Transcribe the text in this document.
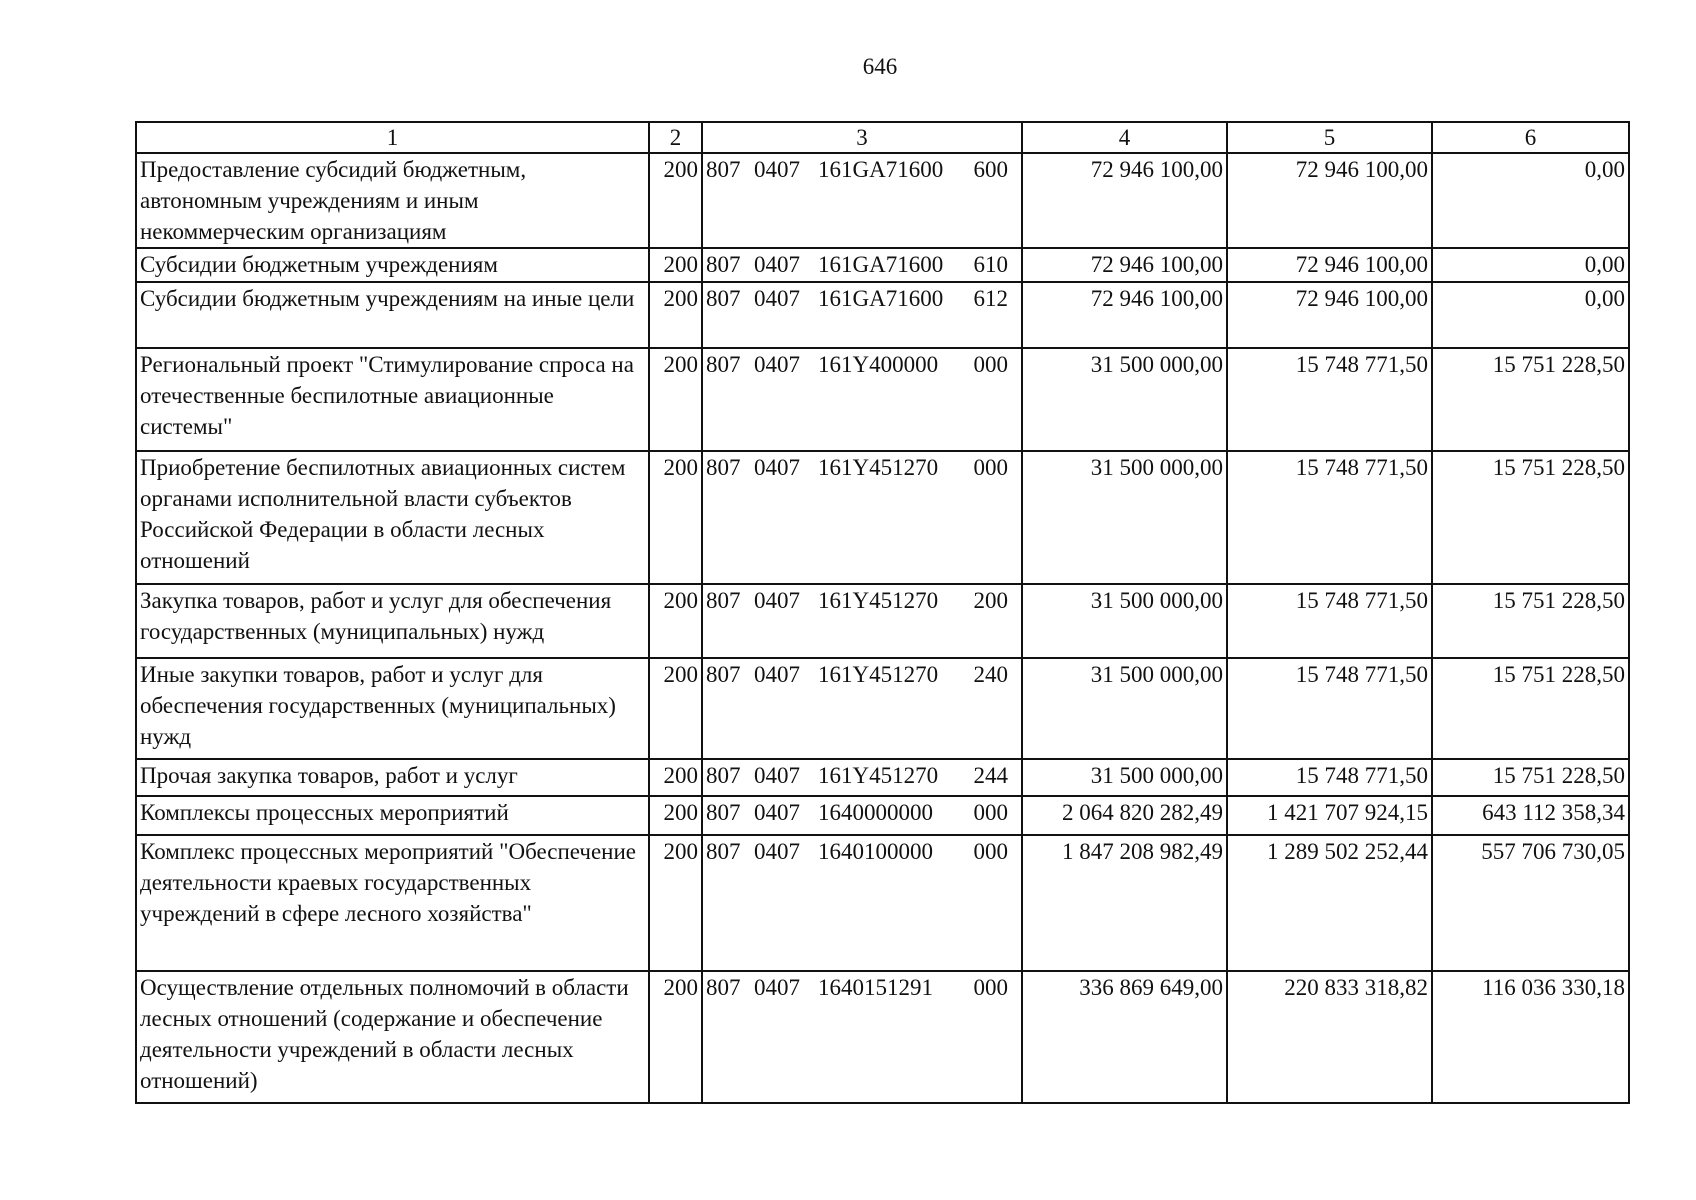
646
1	2	3	4	5	6
Предоставление субсидий бюджетным, автономным учреждениям и иным некоммерческим организациям	200	807 0407 161GA71600 600	72 946 100,00	72 946 100,00	0,00
Субсидии бюджетным учреждениям	200	807 0407 161GA71600 610	72 946 100,00	72 946 100,00	0,00
Субсидии бюджетным учреждениям на иные цели	200	807 0407 161GA71600 612	72 946 100,00	72 946 100,00	0,00
Региональный проект "Стимулирование спроса на отечественные беспилотные авиационные системы"	200	807 0407 161Y400000 000	31 500 000,00	15 748 771,50	15 751 228,50
Приобретение беспилотных авиационных систем органами исполнительной власти субъектов Российской Федерации в области лесных отношений	200	807 0407 161Y451270 000	31 500 000,00	15 748 771,50	15 751 228,50
Закупка товаров, работ и услуг для обеспечения государственных (муниципальных) нужд	200	807 0407 161Y451270 200	31 500 000,00	15 748 771,50	15 751 228,50
Иные закупки товаров, работ и услуг для обеспечения государственных (муниципальных) нужд	200	807 0407 161Y451270 240	31 500 000,00	15 748 771,50	15 751 228,50
Прочая закупка товаров, работ и услуг	200	807 0407 161Y451270 244	31 500 000,00	15 748 771,50	15 751 228,50
Комплексы процессных мероприятий	200	807 0407 1640000000 000	2 064 820 282,49	1 421 707 924,15	643 112 358,34
Комплекс процессных мероприятий "Обеспечение деятельности краевых государственных учреждений в сфере лесного хозяйства"	200	807 0407 1640100000 000	1 847 208 982,49	1 289 502 252,44	557 706 730,05
Осуществление отдельных полномочий в области лесных отношений (содержание и обеспечение деятельности учреждений в области лесных отношений)	200	807 0407 1640151291 000	336 869 649,00	220 833 318,82	116 036 330,18
